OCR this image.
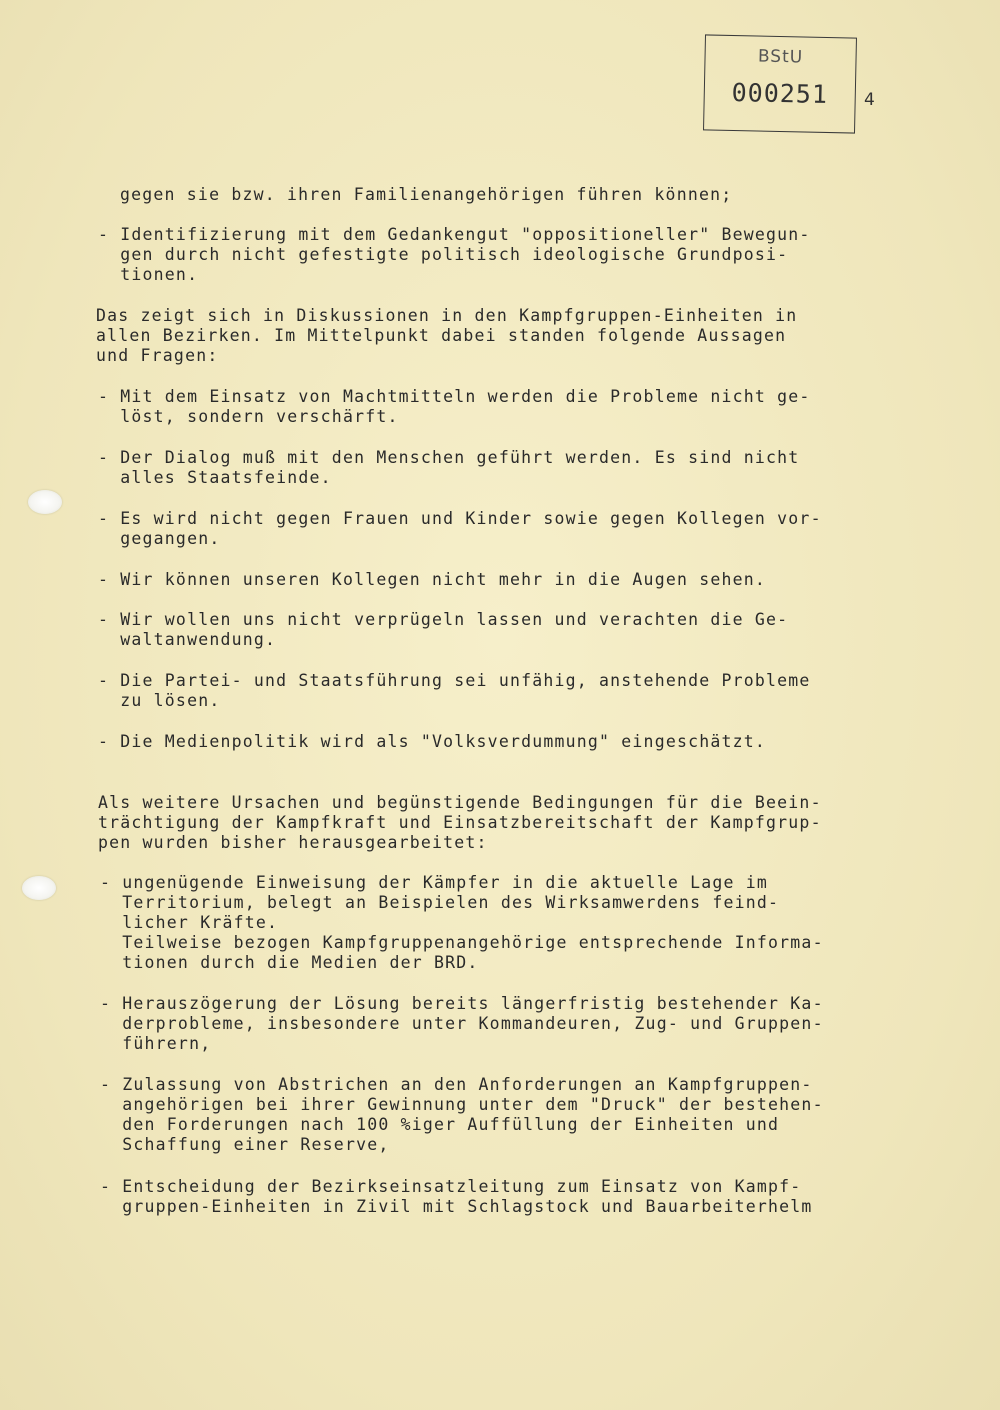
BStU
000251	4
gegen sie bzw. ihren Familienangehörigen führen können;
- Identifizierung mit dem Gedankengut "oppositioneller" Bewegun-
gen durch nicht gefestigte politisch ideologische Grundposi-
tionen.
Das zeigt sich in Diskussionen in den Kampfgruppen-Einheiten in
allen Bezirken. Im Mittelpunkt dabei standen folgende Aussagen
und Fragen:
- Mit dem Einsatz von Machtmitteln werden die Probleme nicht ge-
löst, sondern verschärft.
- Der Dialog muß mit den Menschen geführt werden. Es sind nicht
alles Staatsfeinde.
- Es wird nicht gegen Frauen und Kinder sowie gegen Kollegen vor-
gegangen.
- Wir können unseren Kollegen nicht mehr in die Augen sehen.
- Wir wollen uns nicht verprügeln lassen und verachten die Ge-
waltanwendung.
- Die Partei- und Staatsführung sei unfähig, anstehende Probleme
zu lösen.
- Die Medienpolitik wird als "Volksverdummung" eingeschätzt.
Als weitere Ursachen und begünstigende Bedingungen für die Beein-
trächtigung der Kampfkraft und Einsatzbereitschaft der Kampfgrup-
pen wurden bisher herausgearbeitet:
- ungenügende Einweisung der Kämpfer in die aktuelle Lage im
Territorium, belegt an Beispielen des Wirksamwerdens feind-
licher Kräfte.
Teilweise bezogen Kampfgruppenangehörige entsprechende Informa-
tionen durch die Medien der BRD.
- Herauszögerung der Lösung bereits längerfristig bestehender Ka-
derprobleme, insbesondere unter Kommandeuren, Zug- und Gruppen-
führern,
- Zulassung von Abstrichen an den Anforderungen an Kampfgruppen-
angehörigen bei ihrer Gewinnung unter dem "Druck" der bestehen-
den Forderungen nach 100 %iger Auffüllung der Einheiten und
Schaffung einer Reserve,
- Entscheidung der Bezirkseinsatzleitung zum Einsatz von Kampf-
gruppen-Einheiten in Zivil mit Schlagstock und Bauarbeiterhelm
